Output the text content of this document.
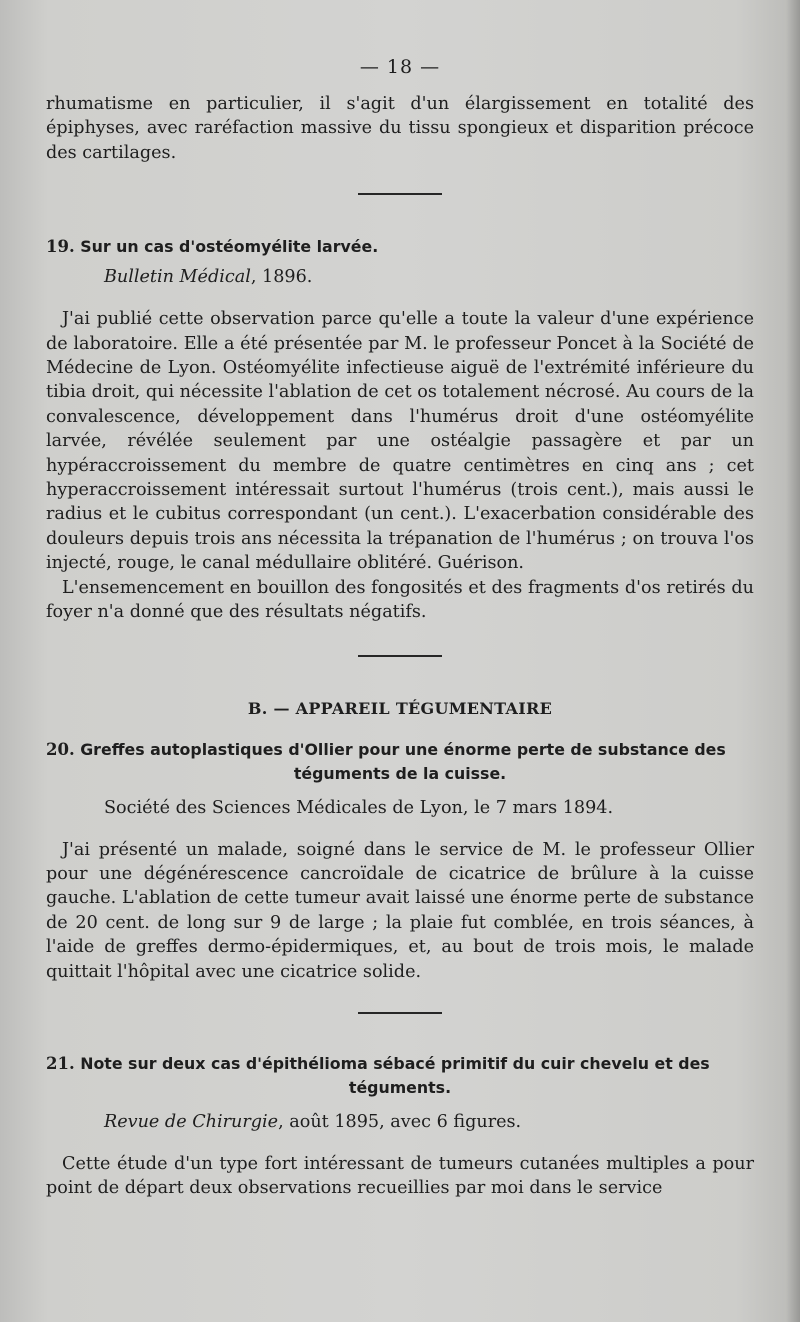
— 18 —

rhumatisme en particulier, il s'agit d'un élargissement en totalité des épiphyses, avec raréfaction massive du tissu spongieux et disparition précoce des cartilages.

19. Sur un cas d'ostéomyélite larvée.
Bulletin Médical, 1896.

J'ai publié cette observation parce qu'elle a toute la valeur d'une expérience de laboratoire. Elle a été présentée par M. le professeur Poncet à la Société de Médecine de Lyon. Ostéomyélite infectieuse aiguë de l'extrémité inférieure du tibia droit, qui nécessite l'ablation de cet os totalement nécrosé. Au cours de la convalescence, développement dans l'humérus droit d'une ostéomyélite larvée, révélée seulement par une ostéalgie passagère et par un hypéraccroissement du membre de quatre centimètres en cinq ans ; cet hyperaccroissement intéressait surtout l'humérus (trois cent.), mais aussi le radius et le cubitus correspondant (un cent.). L'exacerbation considérable des douleurs depuis trois ans nécessita la trépanation de l'humérus ; on trouva l'os injecté, rouge, le canal médullaire oblitéré. Guérison.

L'ensemencement en bouillon des fongosités et des fragments d'os retirés du foyer n'a donné que des résultats négatifs.

B. — APPAREIL TÉGUMENTAIRE
20. Greffes autoplastiques d'Ollier pour une énorme perte de substance des
téguments de la cuisse.
Société des Sciences Médicales de Lyon, le 7 mars 1894.

J'ai présenté un malade, soigné dans le service de M. le professeur Ollier pour une dégénérescence cancroïdale de cicatrice de brûlure à la cuisse gauche. L'ablation de cette tumeur avait laissé une énorme perte de substance de 20 cent. de long sur 9 de large ; la plaie fut comblée, en trois séances, à l'aide de greffes dermo-épidermiques, et, au bout de trois mois, le malade quittait l'hôpital avec une cicatrice solide.

21. Note sur deux cas d'épithélioma sébacé primitif du cuir chevelu et des
téguments.
Revue de Chirurgie, août 1895, avec 6 figures.

Cette étude d'un type fort intéressant de tumeurs cutanées multiples a pour point de départ deux observations recueillies par moi dans le service
